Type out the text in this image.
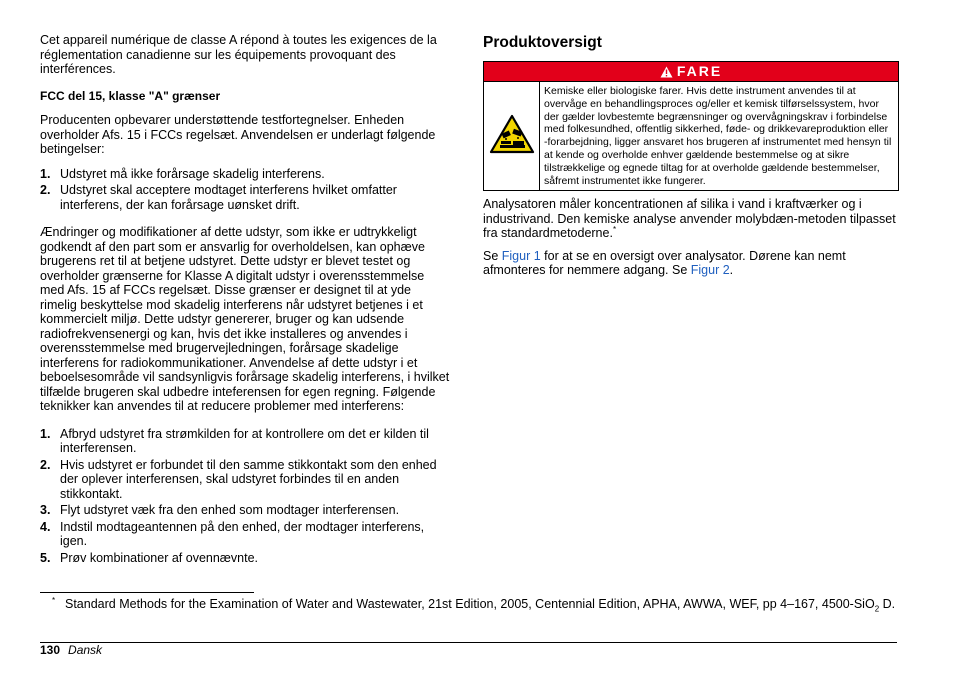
Cet appareil numérique de classe A répond à toutes les exigences de la réglementation canadienne sur les équipements provoquant des interférences.

FCC del 15, klasse "A" grænser

Producenten opbevarer understøttende testfortegnelser. Enheden overholder Afs. 15 i FCCs regelsæt. Anvendelsen er underlagt følgende betingelser:

1. Udstyret må ikke forårsage skadelig interferens.
2. Udstyret skal acceptere modtaget interferens hvilket omfatter interferens, der kan forårsage uønsket drift.

Ændringer og modifikationer af dette udstyr, som ikke er udtrykkeligt godkendt af den part som er ansvarlig for overholdelsen, kan ophæve brugerens ret til at betjene udstyret. Dette udstyr er blevet testet og overholder grænserne for Klasse A digitalt udstyr i overensstemmelse med Afs. 15 af FCCs regelsæt. Disse grænser er designet til at yde rimelig beskyttelse mod skadelig interferens når udstyret betjenes i et kommercielt miljø. Dette udstyr genererer, bruger og kan udsende radiofrekvensenergi og kan, hvis det ikke installeres og anvendes i overensstemmelse med brugervejledningen, forårsage skadelige interferens for radiokommunikationer. Anvendelse af dette udstyr i et beboelsesområde vil sandsynligvis forårsage skadelig interferens, i hvilket tilfælde brugeren skal udbedre inteferensen for egen regning. Følgende teknikker kan anvendes til at reducere problemer med interferens:

1. Afbryd udstyret fra strømkilden for at kontrollere om det er kilden til interferensen.
2. Hvis udstyret er forbundet til den samme stikkontakt som den enhed der oplever interferensen, skal udstyret forbindes til en anden stikkontakt.
3. Flyt udstyret væk fra den enhed som modtager interferensen.
4. Indstil modtageantennen på den enhed, der modtager interferens, igen.
5. Prøv kombinationer af ovennævnte.
Produktoversigt
FARE
Kemiske eller biologiske farer. Hvis dette instrument anvendes til at overvåge en behandlingsproces og/eller et kemisk tilførselssystem, hvor der gælder lovbestemte begrænsninger og overvågningskrav i forbindelse med folkesundhed, offentlig sikkerhed, føde- og drikkevareproduktion eller -forarbejdning, ligger ansvaret hos brugeren af instrumentet med hensyn til at kende og overholde enhver gældende bestemmelse og at sikre tilstrækkelige og egnede tiltag for at overholde gældende bestemmelser, såfremt instrumentet ikke fungerer.

Analysatoren måler koncentrationen af silika i vand i kraftværker og i industrivand. Den kemiske analyse anvender molybdæn-metoden tilpasset fra standardmetoderne.*

Se Figur 1 for at se en oversigt over analysator. Dørene kan nemt afmonteres for nemmere adgang. Se Figur 2.

* Standard Methods for the Examination of Water and Wastewater, 21st Edition, 2005, Centennial Edition, APHA, AWWA, WEF, pp 4–167, 4500-SiO$_2$ D.
130 Dansk
